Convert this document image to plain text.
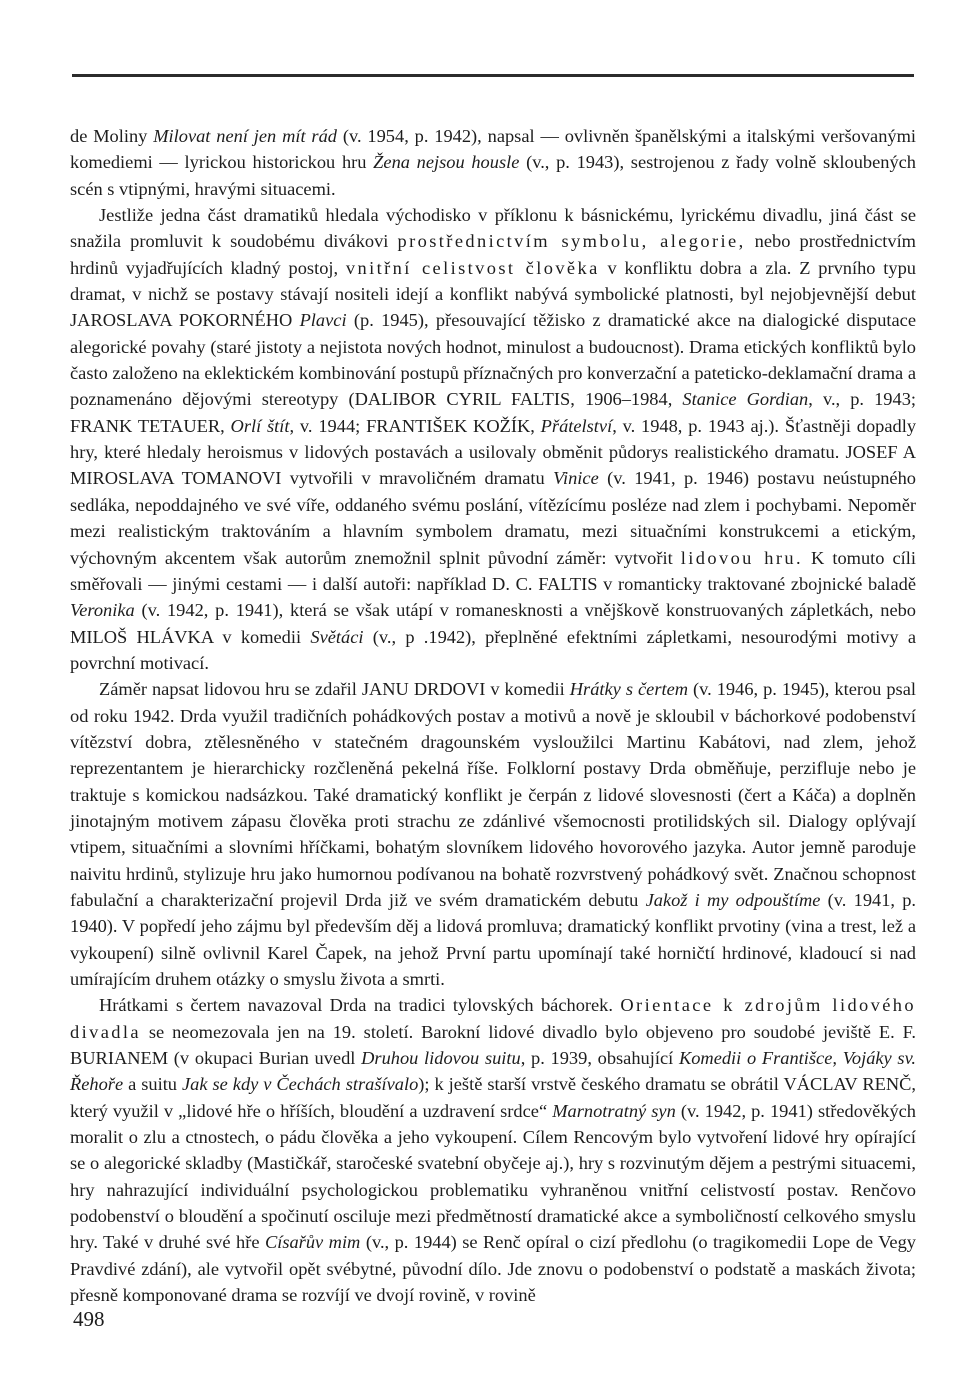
de Moliny Milovat není jen mít rád (v. 1954, p. 1942), napsal — ovlivněn španělskými a italskými veršovanými komediemi — lyrickou historickou hru Žena nejsou housle (v., p. 1943), sestrojenou z řady volně skloubených scén s vtipnými, hravými situacemi.

Jestliže jedna část dramatiků hledala východisko v příklonu k básnickému, lyrickému divadlu, jiná část se snažila promluvit k soudobému divákovi prostřednictvím symbolu, alegorie, nebo prostřednictvím hrdinů vyjadřujících kladný postoj, vnitřní celistvost člověka v konfliktu dobra a zla. Z prvního typu dramat, v nichž se postavy stávají nositeli idejí a konflikt nabývá symbolické platnosti, byl nejobjevnější debut JAROSLAVA POKORNÉHO Plavci (p. 1945), přesouvající těžisko z dramatické akce na dialogické disputace alegorické povahy (staré jistoty a nejistota nových hodnot, minulost a budoucnost). Drama etických konfliktů bylo často založeno na eklektickém kombinování postupů příznačných pro konverzační a pateticko-deklamační drama a poznamenáno dějovými stereotypy (DALIBOR CYRIL FALTIS, 1906–1984, Stanice Gordian, v., p. 1943; FRANK TETAUER, Orlí štít, v. 1944; FRANTIŠEK KOŽÍK, Přátelství, v. 1948, p. 1943 aj.). Šťastněji dopadly hry, které hledaly heroismus v lidových postavách a usilovaly obměnit půdorys realistického dramatu. JOSEF A MIROSLAVA TOMANOVI vytvořili v mravoličném dramatu Vinice (v. 1941, p. 1946) postavu neústupného sedláka, nepoddajného ve své víře, oddaného svému poslání, vítězícímu posléze nad zlem i pochybami. Nepoměr mezi realistickým traktováním a hlavním symbolem dramatu, mezi situačními konstrukcemi a etickým, výchovným akcentem však autorům znemožnil splnit původní záměr: vytvořit lidovou hru. K tomuto cíli směřovali — jinými cestami — i další autoři: například D. C. FALTIS v romanticky traktované zbojnické baladě Veronika (v. 1942, p. 1941), která se však utápí v romanesknosti a vnějškově konstruovaných zápletkách, nebo MILOŠ HLÁVKA v komedii Světáci (v., p .1942), přeplněné efektními zápletkami, nesourodými motivy a povrchní motivací.

Záměr napsat lidovou hru se zdařil JANU DRDOVI v komedii Hrátky s čertem (v. 1946, p. 1945), kterou psal od roku 1942. Drda využil tradičních pohádkových postav a motivů a nově je skloubil v báchorkové podobenství vítězství dobra, ztělesněného v statečném dragounském vysloužilci Martinu Kabátovi, nad zlem, jehož reprezentantem je hierarchicky rozčleněná pekelná říše. Folklorní postavy Drda obměňuje, perzifluje nebo je traktuje s komickou nadsázkou. Také dramatický konflikt je čerpán z lidové slovesnosti (čert a Káča) a doplněn jinotajným motivem zápasu člověka proti strachu ze zdánlivé všemocnosti protilidských sil. Dialogy oplývají vtipem, situačními a slovními hříčkami, bohatým slovníkem lidového hovorového jazyka. Autor jemně paroduje naivitu hrdinů, stylizuje hru jako humornou podívanou na bohatě rozvrstvený pohádkový svět. Značnou schopnost fabulační a charakterizační projevil Drda již ve svém dramatickém debutu Jakož i my odpouštíme (v. 1941, p. 1940). V popředí jeho zájmu byl především děj a lidová promluva; dramatický konflikt prvotiny (vina a trest, lež a vykoupení) silně ovlivnil Karel Čapek, na jehož První partu upomínají také horničtí hrdinové, kladoucí si nad umírajícím druhem otázky o smyslu života a smrti.

Hrátkami s čertem navazoval Drda na tradici tylovských báchorek. Orientace k zdrojům lidového divadla se neomezovala jen na 19. století. Barokní lidové divadlo bylo objeveno pro soudobé jeviště E. F. BURIANEM (v okupaci Burian uvedl Druhou lidovou suitu, p. 1939, obsahující Komedii o Františce, Vojáky sv. Řehoře a suitu Jak se kdy v Čechách strašívalo); k ještě starší vrstvě českého dramatu se obrátil VÁCLAV RENČ, který využil v „lidové hře o hříších, bloudění a uzdravení srdce“ Marnotratný syn (v. 1942, p. 1941) středověkých moralit o zlu a ctnostech, o pádu člověka a jeho vykoupení. Cílem Rencovým bylo vytvoření lidové hry opírající se o alegorické skladby (Mastičkář, staročeské svatební obyčeje aj.), hry s rozvinutým dějem a pestrými situacemi, hry nahrazující individuální psychologickou problematiku vyhraněnou vnitřní celistvostí postav. Renčovo podobenství o bloudění a spočinutí osciluje mezi předmětností dramatické akce a symboličností celkového smyslu hry. Také v druhé své hře Císařův mim (v., p. 1944) se Renč opíral o cizí předlohu (o tragikomedii Lope de Vegy Pravdivé zdání), ale vytvořil opět svébytné, původní dílo. Jde znovu o podobenství o podstatě a maskách života; přesně komponované drama se rozvíjí ve dvojí rovině, v rovině

498
